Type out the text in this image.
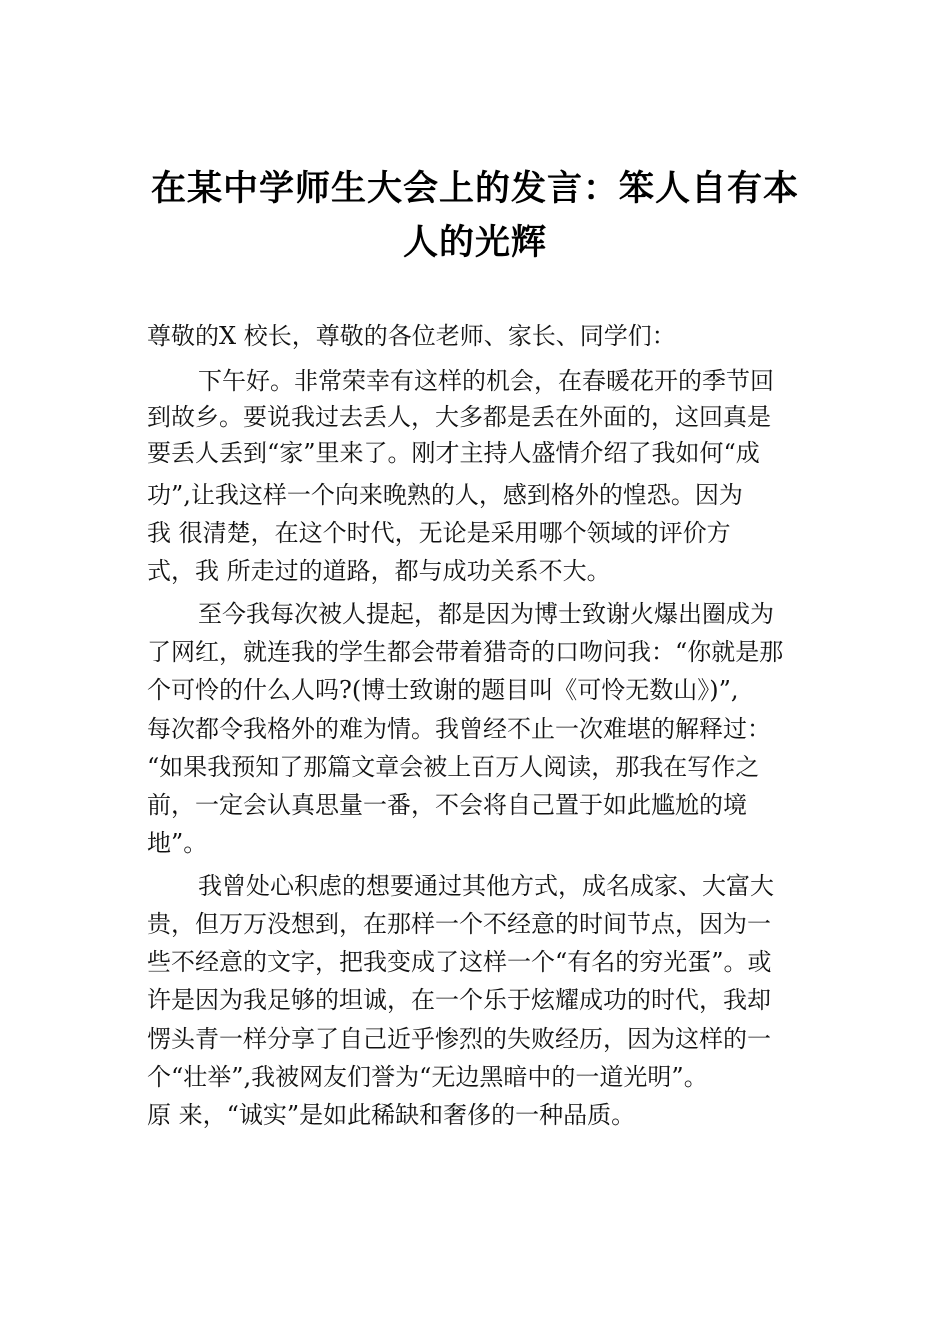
在某中学师生大会上的发言：笨人自有本人的光辉

尊敬的X 校长，尊敬的各位老师、家长、同学们：

下午好。非常荣幸有这样的机会，在春暖花开的季节回

到故乡。要说我过去丢人，大多都是丢在外面的，这回真是

要丢人丢到“家”里来了。刚才主持人盛情介绍了我如何“成

功”,让我这样一个向来晚熟的人，感到格外的惶恐。因为

我 很清楚，在这个时代，无论是采用哪个领域的评价方

式，我 所走过的道路，都与成功关系不大。

至今我每次被人提起，都是因为博士致谢火爆出圈成为

了网红，就连我的学生都会带着猎奇的口吻问我：“你就是那

个可怜的什么人吗?(博士致谢的题目叫《可怜无数山》)”,

每次都令我格外的难为情。我曾经不止一次难堪的解释过：

“如果我预知了那篇文章会被上百万人阅读，那我在写作之

前，一定会认真思量一番，不会将自己置于如此尴尬的境

地”。

我曾处心积虑的想要通过其他方式，成名成家、大富大

贵，但万万没想到，在那样一个不经意的时间节点，因为一

些不经意的文字，把我变成了这样一个“有名的穷光蛋”。或

许是因为我足够的坦诚，在一个乐于炫耀成功的时代，我却

愣头青一样分享了自己近乎惨烈的失败经历，因为这样的一

个“壮举”,我被网友们誉为“无边黑暗中的一道光明”。

原 来，“诚实”是如此稀缺和奢侈的一种品质。
